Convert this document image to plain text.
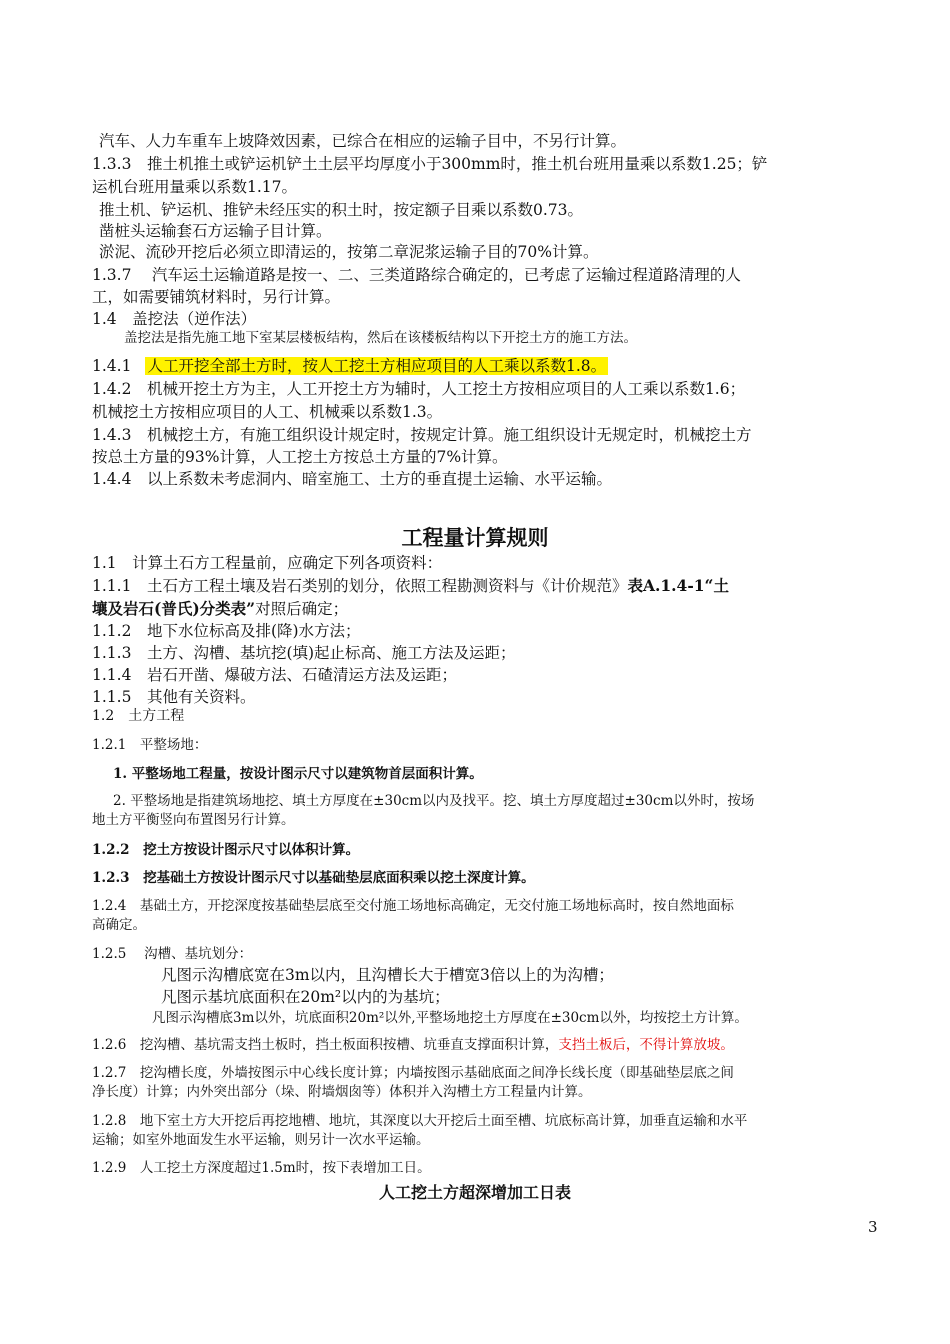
汽车、人力车重车上坡降效因素，已综合在相应的运输子目中，不另行计算。
1.3.3　推土机推土或铲运机铲土土层平均厚度小于300mm时，推土机台班用量乘以系数1.25；铲
运机台班用量乘以系数1.17。
推土机、铲运机、推铲未经压实的积土时，按定额子目乘以系数0.73。
凿桩头运输套石方运输子目计算。
淤泥、流砂开挖后必须立即清运的，按第二章泥浆运输子目的70%计算。
1.3.7　 汽车运土运输道路是按一、二、三类道路综合确定的，已考虑了运输过程道路清理的人
工，如需要铺筑材料时，另行计算。
1.4　盖挖法（逆作法）
盖挖法是指先施工地下室某层楼板结构，然后在该楼板结构以下开挖土方的施工方法。
1.4.1 人工开挖全部土方时，按人工挖土方相应项目的人工乘以系数1.8。
1.4.2　机械开挖土方为主，人工开挖土方为辅时，人工挖土方按相应项目的人工乘以系数1.6；
机械挖土方按相应项目的人工、机械乘以系数1.3。
1.4.3　机械挖土方，有施工组织设计规定时，按规定计算。施工组织设计无规定时，机械挖土方
按总土方量的93%计算，人工挖土方按总土方量的7%计算。
1.4.4　以上系数未考虑洞内、暗室施工、土方的垂直提土运输、水平运输。
工程量计算规则
1.1　计算土石方工程量前，应确定下列各项资料：
1.1.1　土石方工程土壤及岩石类别的划分，依照工程勘测资料与《计价规范》表A.1.4-1“土
壤及岩石(普氏)分类表”对照后确定；
1.1.2　地下水位标高及排(降)水方法；
1.1.3　土方、沟槽、基坑挖(填)起止标高、施工方法及运距；
1.1.4　岩石开凿、爆破方法、石碴清运方法及运距；
1.1.5　其他有关资料。
1.2　土方工程
1.2.1　平整场地：
1. 平整场地工程量，按设计图示尺寸以建筑物首层面积计算。
2. 平整场地是指建筑场地挖、填土方厚度在±30cm以内及找平。挖、填土方厚度超过±30cm以外时，按场
地土方平衡竖向布置图另行计算。
1.2.2　挖土方按设计图示尺寸以体积计算。
1.2.3　挖基础土方按设计图示尺寸以基础垫层底面积乘以挖土深度计算。
1.2.4　基础土方，开挖深度按基础垫层底至交付施工场地标高确定，无交付施工场地标高时，按自然地面标
高确定。
1.2.5　 沟槽、基坑划分：
凡图示沟槽底宽在3m以内，且沟槽长大于槽宽3倍以上的为沟槽；
凡图示基坑底面积在20m²以内的为基坑；
凡图示沟槽底3m以外，坑底面积20m²以外,平整场地挖土方厚度在±30cm以外，均按挖土方计算。
1.2.6　挖沟槽、基坑需支挡土板时，挡土板面积按槽、坑垂直支撑面积计算，支挡土板后，不得计算放坡。
1.2.7　挖沟槽长度，外墙按图示中心线长度计算；内墙按图示基础底面之间净长线长度（即基础垫层底之间
净长度）计算；内外突出部分（垛、附墙烟囱等）体积并入沟槽土方工程量内计算。
1.2.8　地下室土方大开挖后再挖地槽、地坑，其深度以大开挖后土面至槽、坑底标高计算，加垂直运输和水平
运输；如室外地面发生水平运输，则另计一次水平运输。
1.2.9　人工挖土方深度超过1.5m时，按下表增加工日。
人工挖土方超深增加工日表
3
